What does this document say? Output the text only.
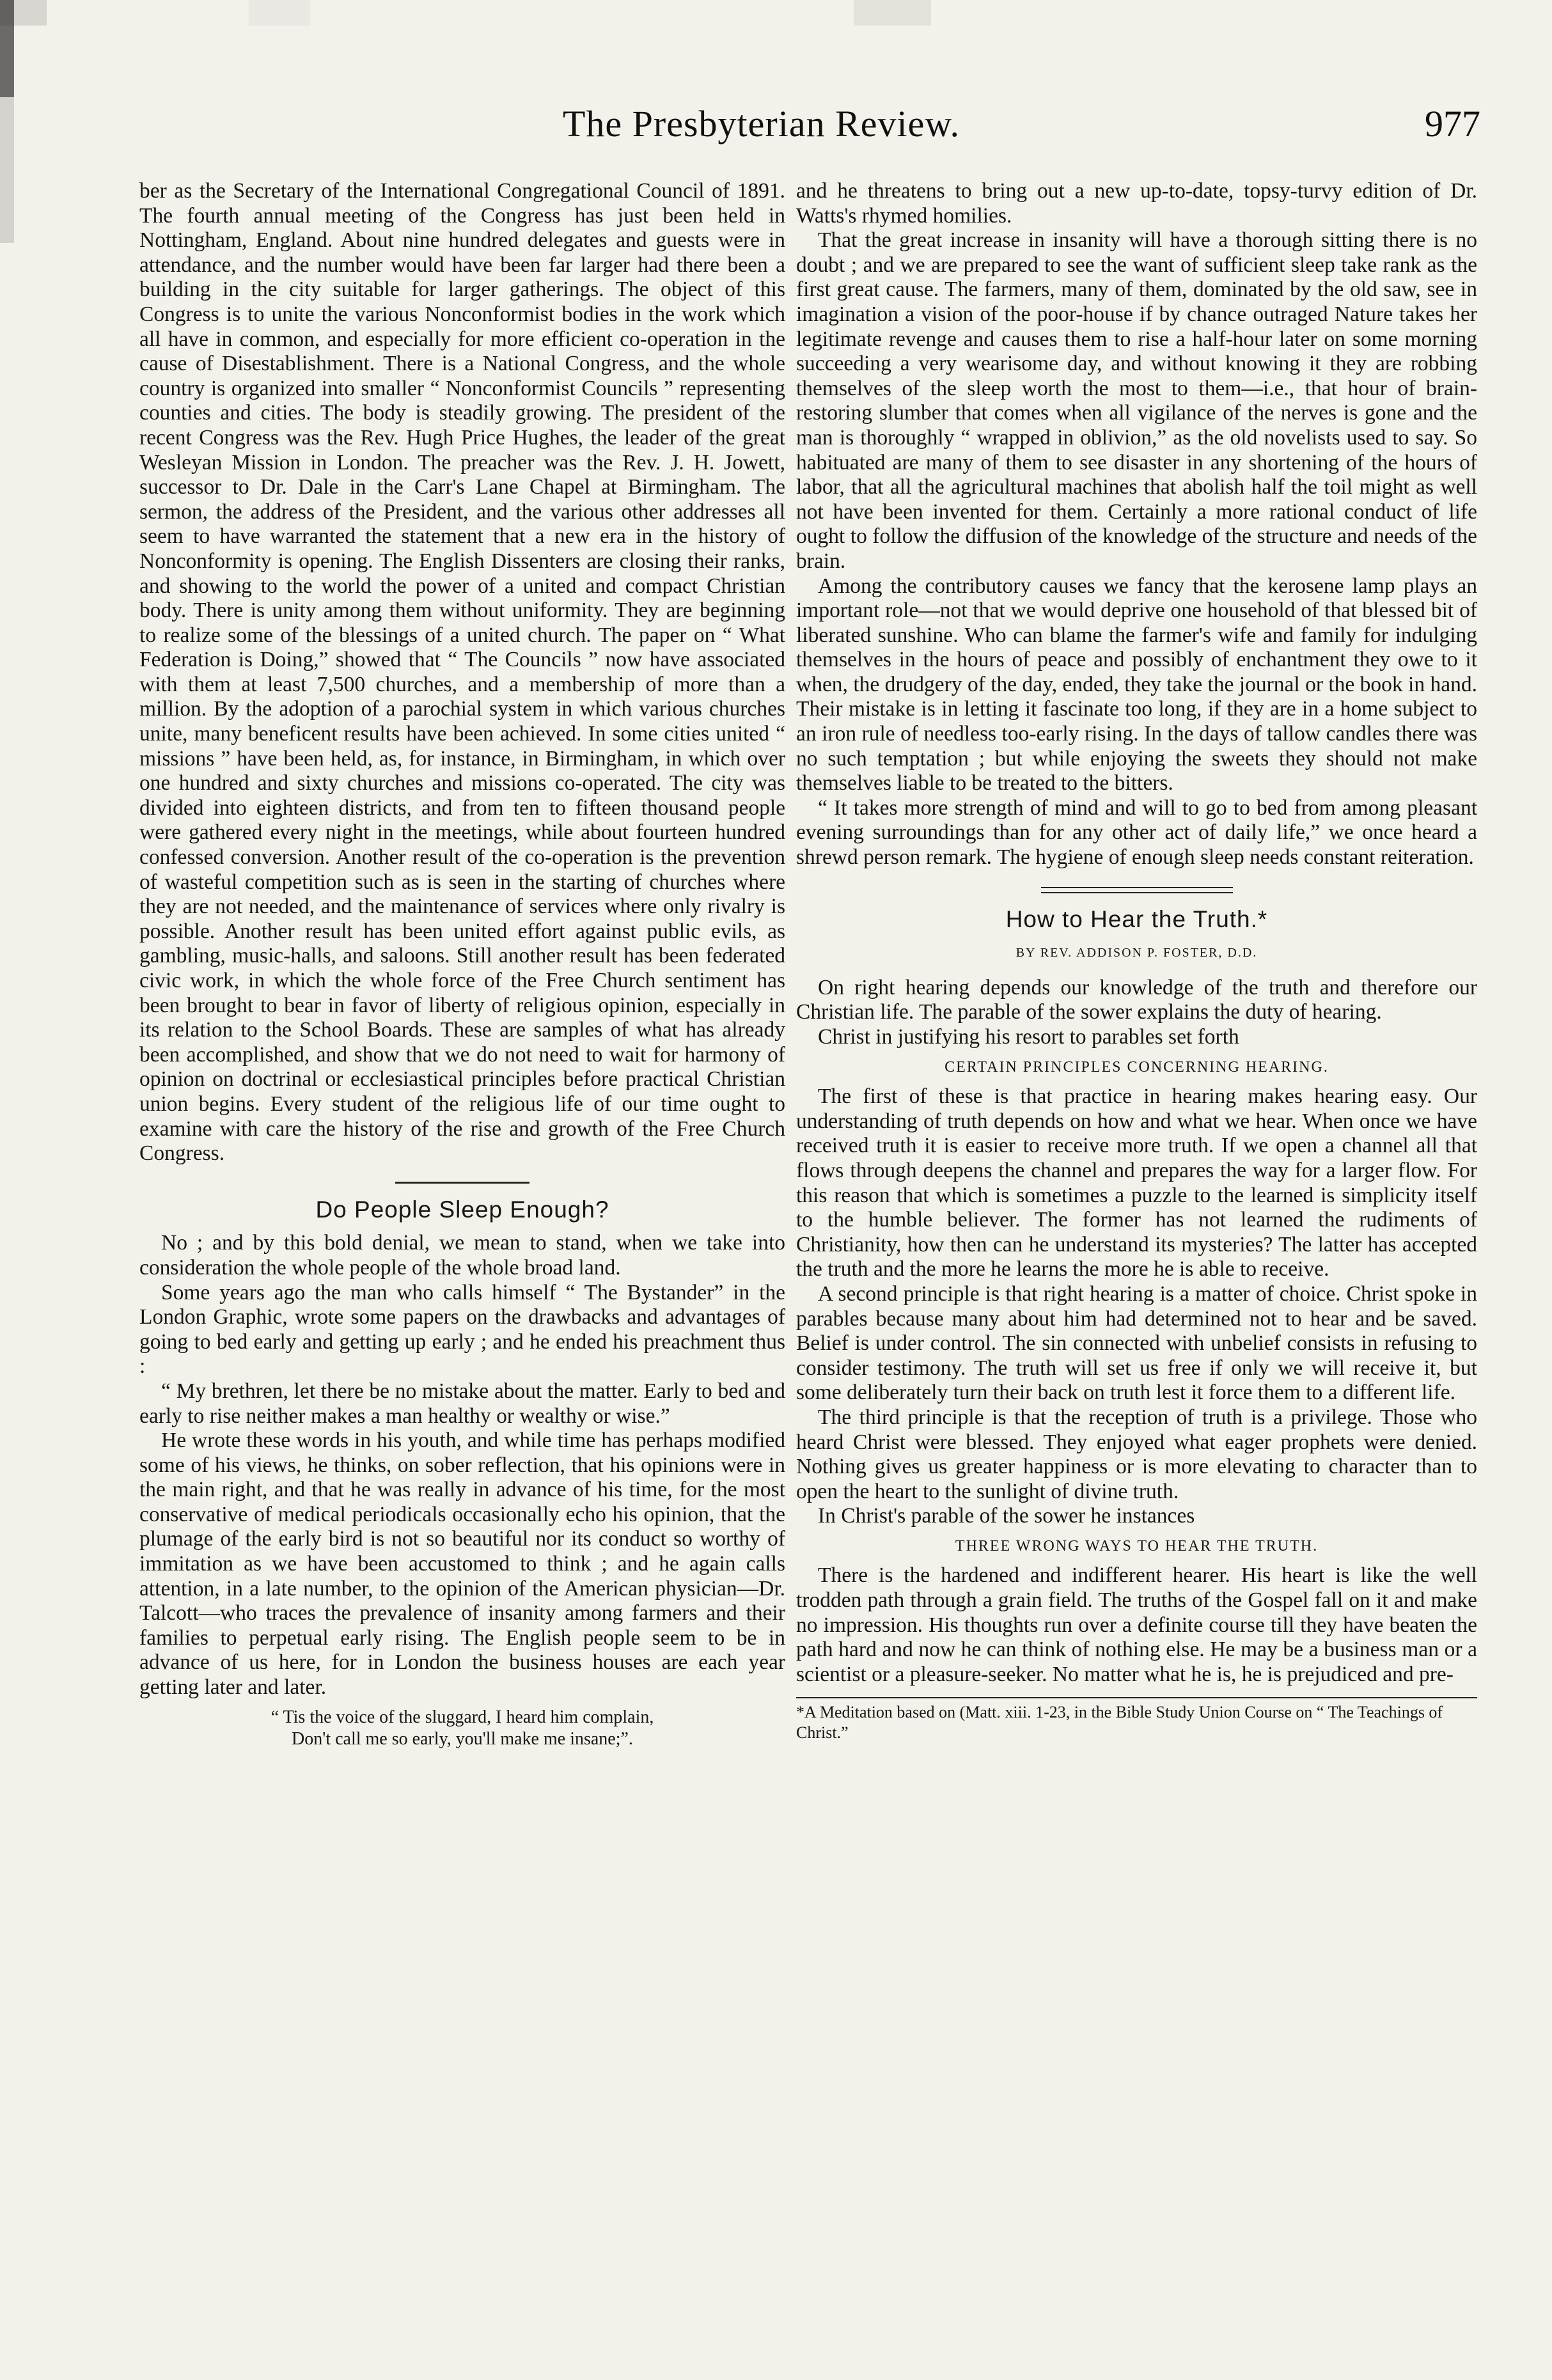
The Presbyterian Review.	977

ber as the Secretary of the International Congregational Council of 1891. The fourth annual meeting of the Congress has just been held in Nottingham, England. About nine hundred delegates and guests were in attendance, and the number would have been far larger had there been a building in the city suitable for larger gatherings. The object of this Congress is to unite the various Nonconformist bodies in the work which all have in common, and especially for more efficient co-operation in the cause of Disestablishment. There is a National Congress, and the whole country is organized into smaller “ Nonconformist Councils ” representing counties and cities. The body is steadily growing. The president of the recent Congress was the Rev. Hugh Price Hughes, the leader of the great Wesleyan Mission in London. The preacher was the Rev. J. H. Jowett, successor to Dr. Dale in the Carr's Lane Chapel at Birmingham. The sermon, the address of the President, and the various other addresses all seem to have warranted the statement that a new era in the history of Nonconformity is opening. The English Dissenters are closing their ranks, and showing to the world the power of a united and compact Christian body. There is unity among them without uniformity. They are beginning to realize some of the blessings of a united church. The paper on “ What Federation is Doing,” showed that “ The Councils ” now have associated with them at least 7,500 churches, and a membership of more than a million. By the adoption of a parochial system in which various churches unite, many beneficent results have been achieved. In some cities united “ missions ” have been held, as, for instance, in Birmingham, in which over one hundred and sixty churches and missions co-operated. The city was divided into eighteen districts, and from ten to fifteen thousand people were gathered every night in the meetings, while about fourteen hundred confessed conversion. Another result of the co-operation is the prevention of wasteful competition such as is seen in the starting of churches where they are not needed, and the maintenance of services where only rivalry is possible. Another result has been united effort against public evils, as gambling, music-halls, and saloons. Still another result has been federated civic work, in which the whole force of the Free Church sentiment has been brought to bear in favor of liberty of religious opinion, especially in its relation to the School Boards. These are samples of what has already been accomplished, and show that we do not need to wait for harmony of opinion on doctrinal or ecclesiastical principles before practical Christian union begins. Every student of the religious life of our time ought to examine with care the history of the rise and growth of the Free Church Congress.

Do People Sleep Enough?

No ; and by this bold denial, we mean to stand, when we take into consideration the whole people of the whole broad land.

Some years ago the man who calls himself “ The Bystander” in the London Graphic, wrote some papers on the drawbacks and advantages of going to bed early and getting up early ; and he ended his preachment thus :

“ My brethren, let there be no mistake about the matter. Early to bed and early to rise neither makes a man healthy or wealthy or wise.”

He wrote these words in his youth, and while time has perhaps modified some of his views, he thinks, on sober reflection, that his opinions were in the main right, and that he was really in advance of his time, for the most conservative of medical periodicals occasionally echo his opinion, that the plumage of the early bird is not so beautiful nor its conduct so worthy of immitation as we have been accustomed to think ; and he again calls attention, in a late number, to the opinion of the American physician—Dr. Talcott—who traces the prevalence of insanity among farmers and their families to perpetual early rising. The English people seem to be in advance of us here, for in London the business houses are each year getting later and later.

“ Tis the voice of the sluggard, I heard him complain,
Don't call me so early, you'll make me insane;”.

and he threatens to bring out a new up-to-date, topsy-turvy edition of Dr. Watts's rhymed homilies.

That the great increase in insanity will have a thorough sitting there is no doubt ; and we are prepared to see the want of sufficient sleep take rank as the first great cause. The farmers, many of them, dominated by the old saw, see in imagination a vision of the poor-house if by chance outraged Nature takes her legitimate revenge and causes them to rise a half-hour later on some morning succeeding a very wearisome day, and without knowing it they are robbing themselves of the sleep worth the most to them—i.e., that hour of brain-restoring slumber that comes when all vigilance of the nerves is gone and the man is thoroughly “ wrapped in oblivion,” as the old novelists used to say. So habituated are many of them to see disaster in any shortening of the hours of labor, that all the agricultural machines that abolish half the toil might as well not have been invented for them. Certainly a more rational conduct of life ought to follow the diffusion of the knowledge of the structure and needs of the brain.

Among the contributory causes we fancy that the kerosene lamp plays an important role—not that we would deprive one household of that blessed bit of liberated sunshine. Who can blame the farmer's wife and family for indulging themselves in the hours of peace and possibly of enchantment they owe to it when, the drudgery of the day, ended, they take the journal or the book in hand. Their mistake is in letting it fascinate too long, if they are in a home subject to an iron rule of needless too-early rising. In the days of tallow candles there was no such temptation ; but while enjoying the sweets they should not make themselves liable to be treated to the bitters.

“ It takes more strength of mind and will to go to bed from among pleasant evening surroundings than for any other act of daily life,” we once heard a shrewd person remark. The hygiene of enough sleep needs constant reiteration.

How to Hear the Truth.*
BY REV. ADDISON P. FOSTER, D.D.

On right hearing depends our knowledge of the truth and therefore our Christian life. The parable of the sower explains the duty of hearing.

Christ in justifying his resort to parables set forth

CERTAIN PRINCIPLES CONCERNING HEARING.

The first of these is that practice in hearing makes hearing easy. Our understanding of truth depends on how and what we hear. When once we have received truth it is easier to receive more truth. If we open a channel all that flows through deepens the channel and prepares the way for a larger flow. For this reason that which is sometimes a puzzle to the learned is simplicity itself to the humble believer. The former has not learned the rudiments of Christianity, how then can he understand its mysteries? The latter has accepted the truth and the more he learns the more he is able to receive.

A second principle is that right hearing is a matter of choice. Christ spoke in parables because many about him had determined not to hear and be saved. Belief is under control. The sin connected with unbelief consists in refusing to consider testimony. The truth will set us free if only we will receive it, but some deliberately turn their back on truth lest it force them to a different life.

The third principle is that the reception of truth is a privilege. Those who heard Christ were blessed. They enjoyed what eager prophets were denied. Nothing gives us greater happiness or is more elevating to character than to open the heart to the sunlight of divine truth.

In Christ's parable of the sower he instances

THREE WRONG WAYS TO HEAR THE TRUTH.

There is the hardened and indifferent hearer. His heart is like the well trodden path through a grain field. The truths of the Gospel fall on it and make no impression. His thoughts run over a definite course till they have beaten the path hard and now he can think of nothing else. He may be a business man or a scientist or a pleasure-seeker. No matter what he is, he is prejudiced and pre-

*A Meditation based on (Matt. xiii. 1-23, in the Bible Study Union Course on “ The Teachings of Christ.”
